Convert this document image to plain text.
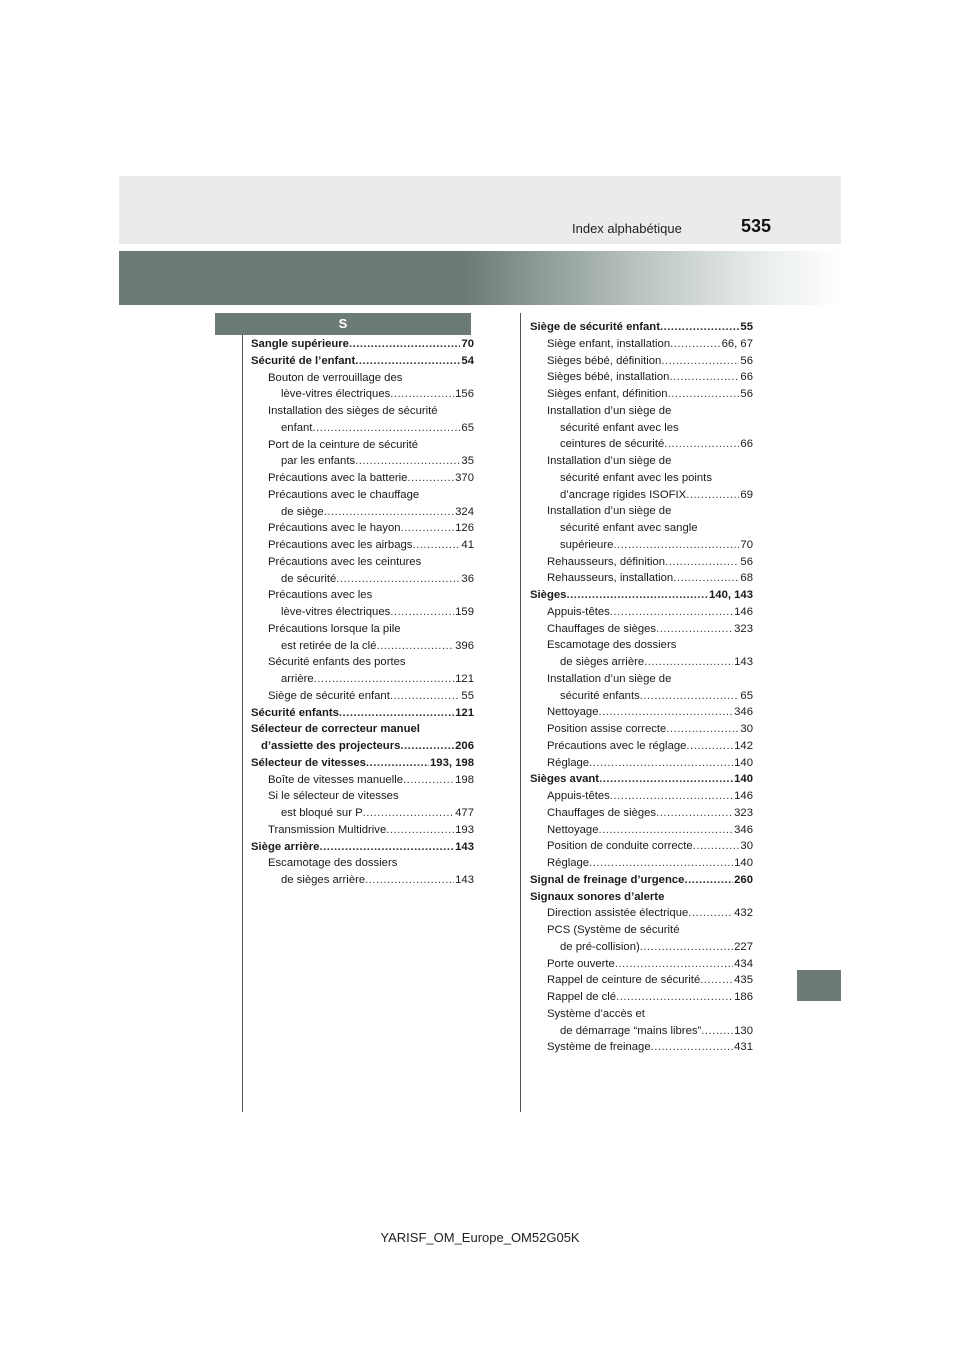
Index alphabétique	535
S
Sangle supérieure .....	70
Sécurité de l’enfant .....	54
Bouton de verrouillage des
lève-vitres électriques .....	156
Installation des sièges de sécurité
enfant .....	65
Port de la ceinture de sécurité
par les enfants .....	35
Précautions avec la batterie .....	370
Précautions avec le chauffage
de siège .....	324
Précautions avec le hayon .....	126
Précautions avec les airbags .....	41
Précautions avec les ceintures
de sécurité .....	36
Précautions avec les
lève-vitres électriques .....	159
Précautions lorsque la pile
est retirée de la clé .....	396
Sécurité enfants des portes
arrière .....	121
Siège de sécurité enfant .....	55
Sécurité enfants .....	121
Sélecteur de correcteur manuel
d’assiette des projecteurs .....	206
Sélecteur de vitesses .....	193, 198
Boîte de vitesses manuelle .....	198
Si le sélecteur de vitesses
est bloqué sur P .....	477
Transmission Multidrive .....	193
Siège arrière .....	143
Escamotage des dossiers
de sièges arrière .....	143
Siège de sécurité enfant .....	55
Siège enfant, installation .....	66, 67
Sièges bébé, définition .....	56
Sièges bébé, installation .....	66
Sièges enfant, définition .....	56
Installation d’un siège de
sécurité enfant avec les
ceintures de sécurité .....	66
Installation d’un siège de
sécurité enfant avec les points
d’ancrage rigides ISOFIX .....	69
Installation d’un siège de
sécurité enfant avec sangle
supérieure .....	70
Rehausseurs, définition .....	56
Rehausseurs, installation .....	68
Sièges .....	140, 143
Appuis-têtes .....	146
Chauffages de sièges .....	323
Escamotage des dossiers
de sièges arrière .....	143
Installation d’un siège de
sécurité enfants .....	65
Nettoyage .....	346
Position assise correcte .....	30
Précautions avec le réglage .....	142
Réglage .....	140
Sièges avant .....	140
Appuis-têtes .....	146
Chauffages de sièges .....	323
Nettoyage .....	346
Position de conduite correcte .....	30
Réglage .....	140
Signal de freinage d’urgence .....	260
Signaux sonores d’alerte
Direction assistée électrique .....	432
PCS (Système de sécurité
de pré-collision) .....	227
Porte ouverte .....	434
Rappel de ceinture de sécurité .....	435
Rappel de clé .....	186
Système d’accès et
de démarrage “mains libres” .....	130
Système de freinage .....	431
YARISF_OM_Europe_OM52G05K
